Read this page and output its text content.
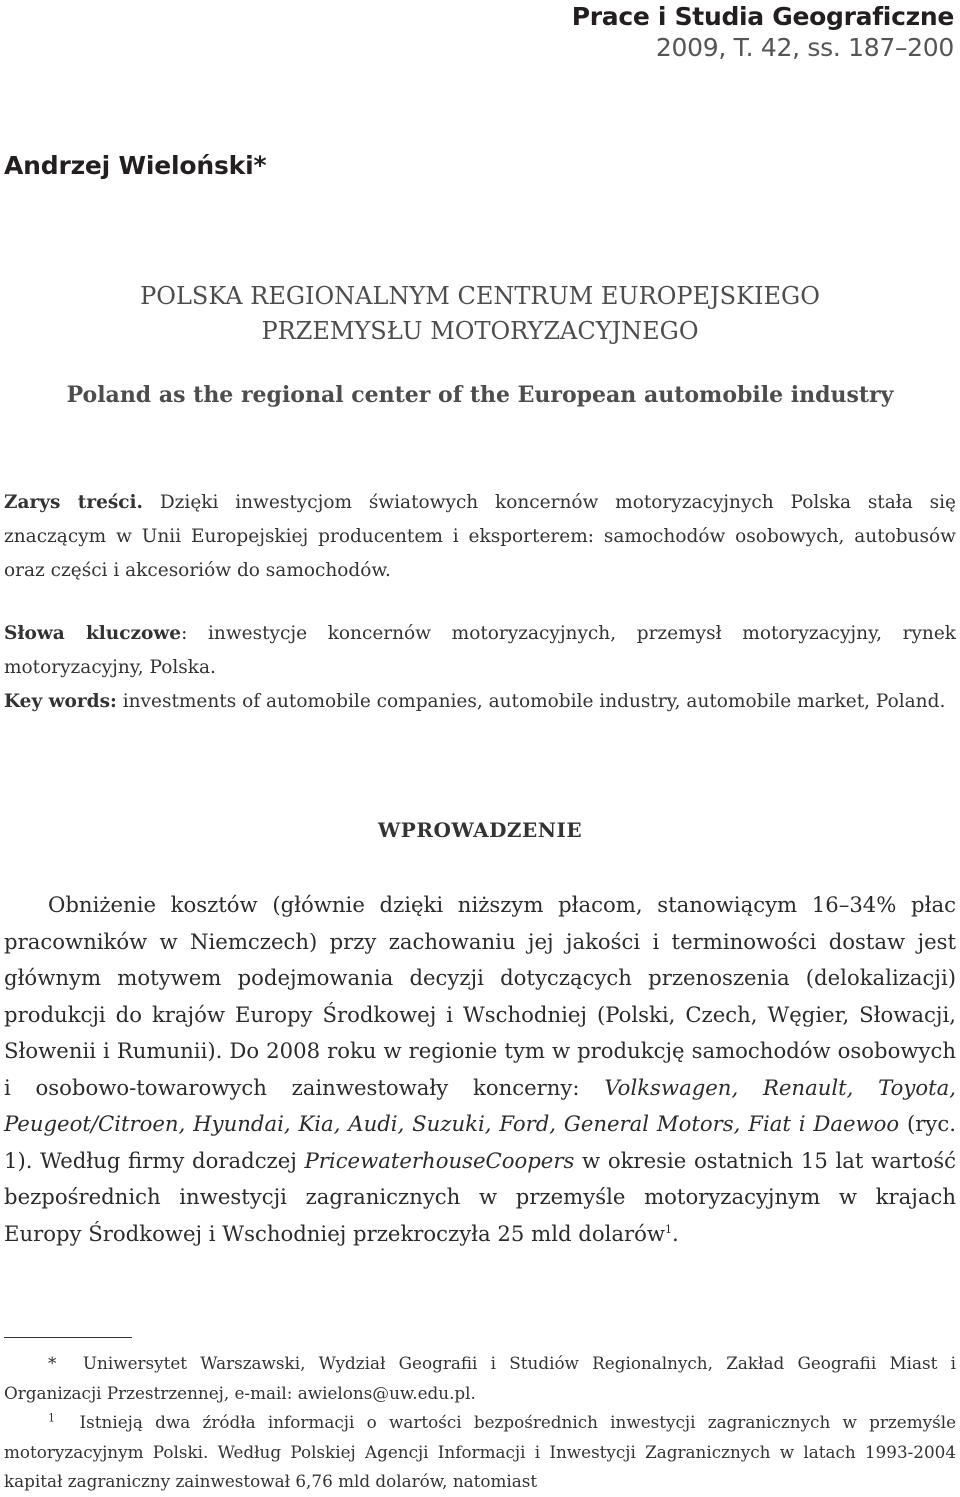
Prace i Studia Geograficzne
2009, T. 42, ss. 187–200
Andrzej Wieloński*
POLSKA REGIONALNYM CENTRUM EUROPEJSKIEGO
PRZEMYSŁU MOTORYZACYJNEGO
Poland as the regional center of the European automobile industry
Zarys treści. Dzięki inwestycjom światowych koncernów motoryzacyjnych Polska stała się znaczącym w Unii Europejskiej producentem i eksporterem: samochodów osobowych, autobusów oraz części i akcesoriów do samochodów.

Słowa kluczowe: inwestycje koncernów motoryzacyjnych, przemysł motoryzacyjny, rynek motoryzacyjny, Polska.

Key words: investments of automobile companies, automobile industry, automobile market, Poland.

WPROWADZENIE

Obniżenie kosztów (głównie dzięki niższym płacom, stanowiącym 16–34% płac pracowników w Niemczech) przy zachowaniu jej jakości i terminowości dostaw jest głównym motywem podejmowania decyzji dotyczących przenoszenia (delokalizacji) produkcji do krajów Europy Środkowej i Wschodniej (Polski, Czech, Węgier, Słowacji, Słowenii i Rumunii). Do 2008 roku w regionie tym w produkcję samochodów osobowych i osobowo-towarowych zainwestowały koncerny: Volkswagen, Renault, Toyota, Peugeot/Citroen, Hyundai, Kia, Audi, Suzuki, Ford, General Motors, Fiat i Daewoo (ryc. 1). Według firmy doradczej PricewaterhouseCoopers w okresie ostatnich 15 lat wartość bezpośrednich inwestycji zagranicznych w przemyśle motoryzacyjnym w krajach Europy Środkowej i Wschodniej przekroczyła 25 mld dolarów$^1$.

* Uniwersytet Warszawski, Wydział Geografii i Studiów Regionalnych, Zakład Geografii Miast i Organizacji Przestrzennej, e-mail: awielons@uw.edu.pl.

$^1$ Istnieją dwa źródła informacji o wartości bezpośrednich inwestycji zagranicznych w przemyśle motoryzacyjnym Polski. Według Polskiej Agencji Informacji i Inwestycji Zagranicznych w latach 1993-2004 kapitał zagraniczny zainwestował 6,76 mld dolarów, natomiast
